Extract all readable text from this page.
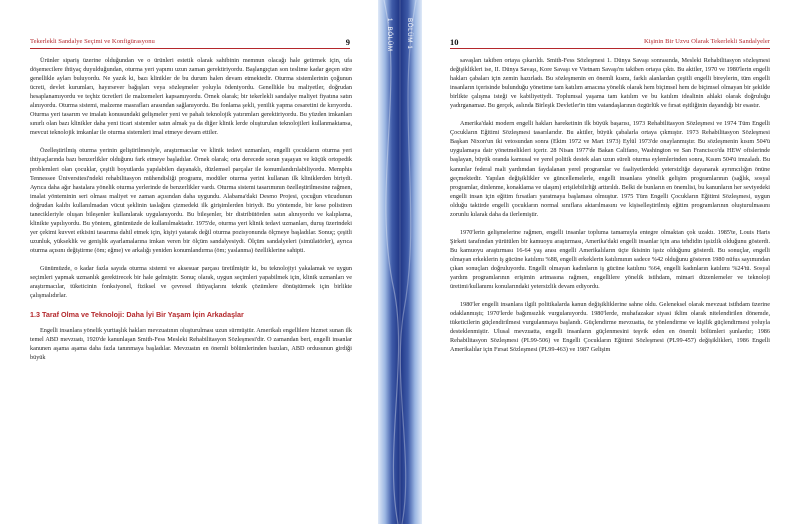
Tekerlekli Sandalye Seçimi ve Konfigürasyonu	9

Ürünler sipariş üzerine olduğundan ve o ürünleri estetik olarak sahibinin memnun olacağı hale getirmek için, ufa döşemecilere ihtiyaç duyulduğundan, oturma yeri yapımı uzun zaman gerektiriyordu. Başlangıçtan son teslime kadar geçen süre genellikle ayları buluyordu. Ne yazık ki, bazı klinikler de bu durum halen devam etmektedir. Oturma sistemlerinin çoğunun ücreti, devlet kurumları, hayırsever bağışları veya sözleşmeler yoluyla ödeniyordu. Genellikle bu maliyetler, doğrudan hesaplanamıyordu ve teçhiz ücretleri ile malzemeleri kapsamıyordu. Örnek olarak; bir tekerlekli sandalye maliyet fiyatına satın alınıyordu. Oturma sistemi, malzeme masrafları arasından sağlanıyordu. Bu fonlama şekli, yenilik yapma cesaretini de kırıyordu. Oturma yeri tasarım ve imalatı konusundaki gelişmeler yeni ve pahalı teknolojik yatırımları gerektiriyordu. Bu yüzden imkanları sınırlı olan bazı klinikler daha yeni ticari sistemler satın almak ya da diğer klinik lerde oluşturulan teknolojileri kullanmaktansa, mevcut teknolojik imkanlar ile oturma sistemleri imal etmeye devam ettiler.

Özelleştirilmiş oturma yerinin geliştirilmesiyle, araştırmacılar ve klinik tedavi uzmanları, engelli çocukların oturma yeri ihtiyaçlarında bazı benzerlikler olduğunu fark etmeye başladılar. Örnek olarak; orta derecede soran yaşayan ve küçük ortopedik problemleri olan çocuklar, çeşitli boyutlarda yapılabilen dayanaklı, düzlemsel parçalar ile konumlandırılabiliyordu. Memphis Tennessee Üniversitesi'ndeki rehabilitasyon mühendisliği programı, modüler oturma yerini kullanan ilk kliniklerden biriydi. Ayrıca daha ağır hastalara yönelik oturma yerlerinde de benzerlikler vardı. Oturma sistemi tasarımının özelleştirilmesine rağmen, imalat yönteminin seri olması maliyet ve zaman açısından daha uygundu. Alabama'daki Desmo Projesi, çocuğun vücudunun doğrudan kalıbı kullanılmadan vücut şeklinin taslağını çizmedeki ilk girişimlerden biriydi. Bu yöntemde, bir kese polistiren tanecikleriyle oluşan bileşenler kullanılarak uygulanıyordu. Bu bileşenler, bir distribütörden satın alınıyordu ve kalıplama, klinikte yapılıyordu. Bu yöntem, günümüzde de kullanılmaktadır. 1975'de, oturma yeri klinik tedavi uzmanları, duruş üzerindeki yer çekimi kuvvet etkisini tasarıma dahil etmek için, kişiyi yatarak değil oturma pozisyonunda ölçmeye başladılar. Sonuç; çeşitli uzunluk, yükseklik ve genişlik ayarlamalarına imkan veren bir ölçüm sandalyesiydi. Ölçüm sandalyeleri (simülatörler), ayrıca oturma açısını değiştirme (öm; eğme) ve arkalığı yeniden konumlandırma (öm; yaslanma) özelliklerine sahipti.

Günümüzde, o kadar fazla sayıda oturma sistemi ve aksesuar parçası üretilmiştir ki, bu teknolojiyi yakalamak ve uygun seçimleri yapmak uzmanlık gerektirecek bir hale gelmiştir. Sonuç olarak, uygun seçimleri yapabilmek için, klinik uzmanları ve araştırmacılar, tüketicinin fonksiyonel, fiziksel ve çevresel ihtiyaçlarını teknik çözümlere dönüştürmek için birlikte çalışmalıdırlar.

1.3 Taraf Olma ve Teknoloji: Daha İyi Bir Yaşam İçin Arkadaşlar

Engelli insanlara yönelik yurttaşlık hakları mevzuatının oluşturulması uzun sürmüştür. Amerikalı engellilere hizmet sunan ilk temel ABD mevzuatı, 1920'de kanunlaşan Smith-Fess Mesleki Rehabilitasyon Sözleşmesi'dir. O zamandan beri, engelli insanlar kanunen aşama aşama daha fazla tanınmaya başladılar. Mevzuatın en önemli bölümlerinden bazıları, ABD ordusunun girdiği büyük

1. BÖLÜM BÖLÜM 1	10	Kişinin Bir Uzvu Olarak Tekerlekli Sandalyeler

savaşları takiben ortaya çıkarıldı. Smith-Fess Sözleşmesi 1. Dünya Savaşı sonrasında, Mesleki Rehabilitasyon sözleşmesi değişiklikleri ise, II. Dünya Savaşı, Kore Savaşı ve Vietnam Savaşı'nı takiben ortaya çıktı. Bu aktiler, 1970 ve 1980'lerin engelli hakları çabaları için zemin hazırladı. Bu sözleşmenin en önemli kısmı, farklı alanlardan çeşitli engelli bireylerin, tüm engelli insanların içerisinde bulunduğu yönetime tam katılım amacına yönelik olarak hem biçimsel hem de biçimsel olmayan bir şekilde birlikte çalışma isteği ve kabiliyetiydi. Toplumsal yaşama tam katılım ve bu katılım idealinin ahlaki olarak doğruluğu yadırganamaz. Bu gerçek, aslında Birleşik Devletler'in tüm vatandaşlarının özgürlük ve fırsat eşitliğinin dayandığı bir esastır.

Amerika'daki modern engelli hakları hareketinin ilk büyük başarısı, 1973 Rehabilitasyon Sözleşmesi ve 1974 Tüm Engelli Çocukların Eğitimi Sözleşmesi tasarılarıdır. Bu aktiler, büyük çabalarla ortaya çıkmıştır. 1973 Rehabilitasyon Sözleşmesi Başkan Nixon'un iki vetosundan sonra (Ekim 1972 ve Mart 1973) Eylül 1973'de onaylanmıştır. Bu sözleşmenin kısım 504'ü uygulamaya dair yönetmelikleri içerir. 28 Nisan 1977'de Bakan Califano, Washington ve San Francisco'da HEW ofislerinde başlayan, büyük oranda kamusal ve yerel politik destek alan uzun süreli oturma eylemlerinden sonra, Kısım 504'ü imzaladı. Bu kanunlar federal mali yardımdan faydalanan yerel programlar ve faaliyetlerdeki yetersizliğe dayanarak ayrımcılığın önüne geçmektedir. Yapılan değişiklikler ve güncellemelerle, engelli insanlara yönelik gelişim programlarının (sağlık, sosyal programlar, dinlenme, konaklama ve ulaşım) erişilebilirliği arttırıldı. Belki de bunların en önemlisi, bu kanunların her seviyedeki engelli insan için eğitim fırsatları yaratmaya başlaması olmuştur. 1975 Tüm Engelli Çocukların Eğitimi Sözleşmesi, uygun olduğu taktirde engelli çocukların normal sınıflara aktarılmasını ve kişiselleştirilmiş eğitim programlarının oluşturulmasını zorunlu kılarak daha da ilerlemiştir.

1970'lerin gelişmelerine rağmen, engelli insanlar topluma tamamıyla entegre olmaktan çok uzaktı. 1985'te, Louis Haris Şirketi tarafından yürütülen bir kamuoyu araştırması, Amerika'daki engelli insanlar için ana tehdidin işsizlik olduğunu gösterdi. Bu kamuoyu araştırması 16-64 yaş arası engelli Amerikalıların üçte ikisinin işsiz olduğunu gösterdi. Bu sonuçlar, engelli olmayan erkeklerin iş gücüne katılımı %88, engelli erkeklerin katılımının sadece %42 olduğunu gösteren 1980 nüfus sayımından çıkan sonuçları doğruluyordu. Engelli olmayan kadınların iş gücüne katılımı %64, engelli kadınların katılımı %24'tü. Sosyal yardım programlarının erişimin artmasına rağmen, engellilere yönelik istihdam, mimari düzenlemeler ve teknoloji üretimi/kullanımı konularındaki yetersizlik devam ediyordu.

1980'ler engelli insanlara ilgili politikalarda kanun değişikliklerine sahne oldu. Geleneksel olarak mevzuat istihdam üzerine odaklanmıştı; 1970'lerde bağımsızlık vurgulanıyordu. 1980'lerde, muhafazakar siyasi iklim olarak nitelendirilen dönemde, tüketicilerin güçlendirilmesi vurgulanmaya başlandı. Güçlendirme mevzuatta, öz yönlendirme ve kişilik güçlendirmesi yoluyla desteklenmiştir. Ulusal mevzuatta, engelli insanların güçlenmesini teşvik eden en önemli bölümleri şunlardır; 1986 Rehabilitasyon Sözleşmesi (PL99-506) ve Engelli Çocukların Eğitimi Sözleşmesi (PL99-457) değişiklikleri, 1986 Engelli Amerikalılar için Fırsat Sözleşmesi (PL99-463) ve 1987 Gelişim
